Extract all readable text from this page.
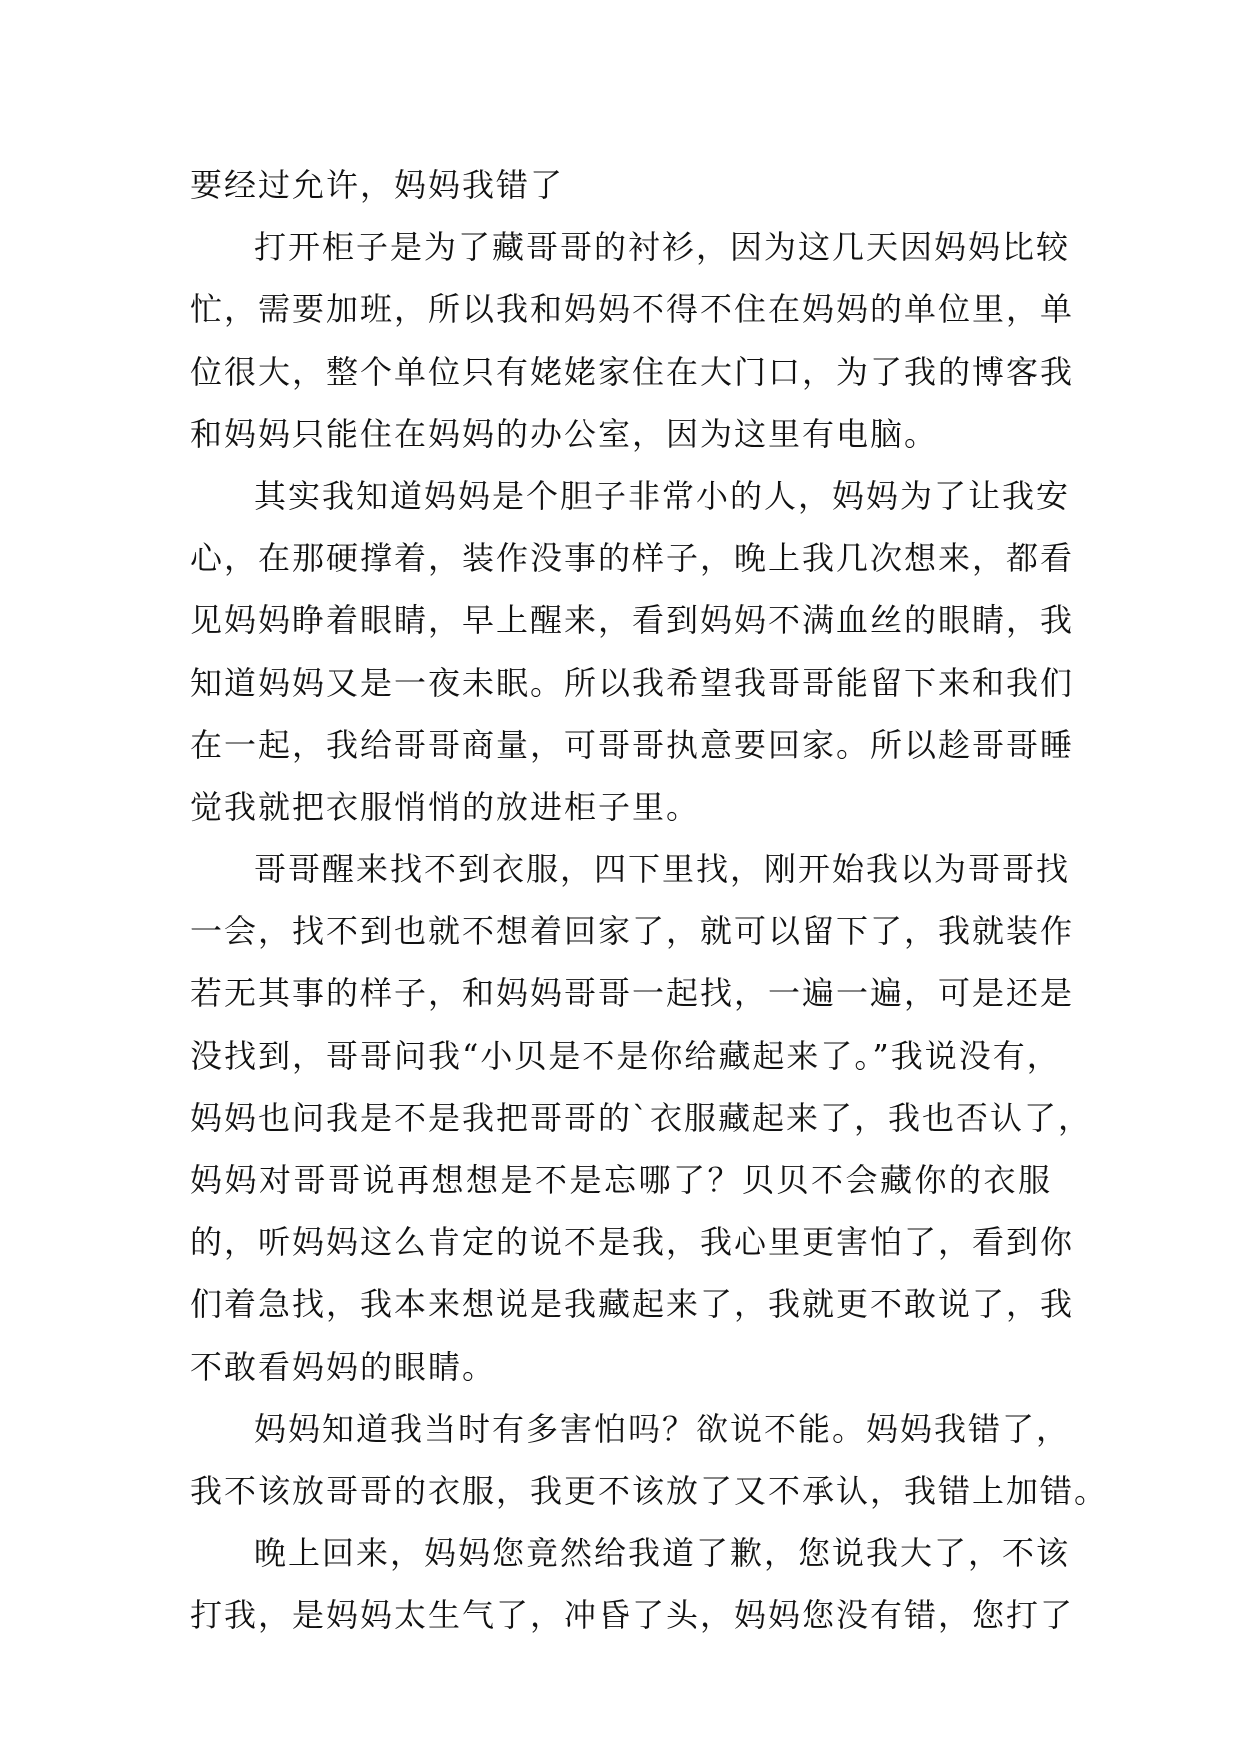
要经过允许，妈妈我错了
打开柜子是为了藏哥哥的衬衫，因为这几天因妈妈比较
忙，需要加班，所以我和妈妈不得不住在妈妈的单位里，单
位很大，整个单位只有姥姥家住在大门口，为了我的博客我
和妈妈只能住在妈妈的办公室，因为这里有电脑。
其实我知道妈妈是个胆子非常小的人，妈妈为了让我安
心，在那硬撑着，装作没事的样子，晚上我几次想来，都看
见妈妈睁着眼睛，早上醒来，看到妈妈不满血丝的眼睛，我
知道妈妈又是一夜未眠。所以我希望我哥哥能留下来和我们
在一起，我给哥哥商量，可哥哥执意要回家。所以趁哥哥睡
觉我就把衣服悄悄的放进柜子里。
哥哥醒来找不到衣服，四下里找，刚开始我以为哥哥找
一会，找不到也就不想着回家了，就可以留下了，我就装作
若无其事的样子，和妈妈哥哥一起找，一遍一遍，可是还是
没找到，哥哥问我“小贝是不是你给藏起来了。”我说没有，
妈妈也问我是不是我把哥哥的`衣服藏起来了，我也否认了，
妈妈对哥哥说再想想是不是忘哪了？贝贝不会藏你的衣服
的，听妈妈这么肯定的说不是我，我心里更害怕了，看到你
们着急找，我本来想说是我藏起来了，我就更不敢说了，我
不敢看妈妈的眼睛。
妈妈知道我当时有多害怕吗？欲说不能。妈妈我错了，
我不该放哥哥的衣服，我更不该放了又不承认，我错上加错。
晚上回来，妈妈您竟然给我道了歉，您说我大了，不该
打我，是妈妈太生气了，冲昏了头，妈妈您没有错，您打了
